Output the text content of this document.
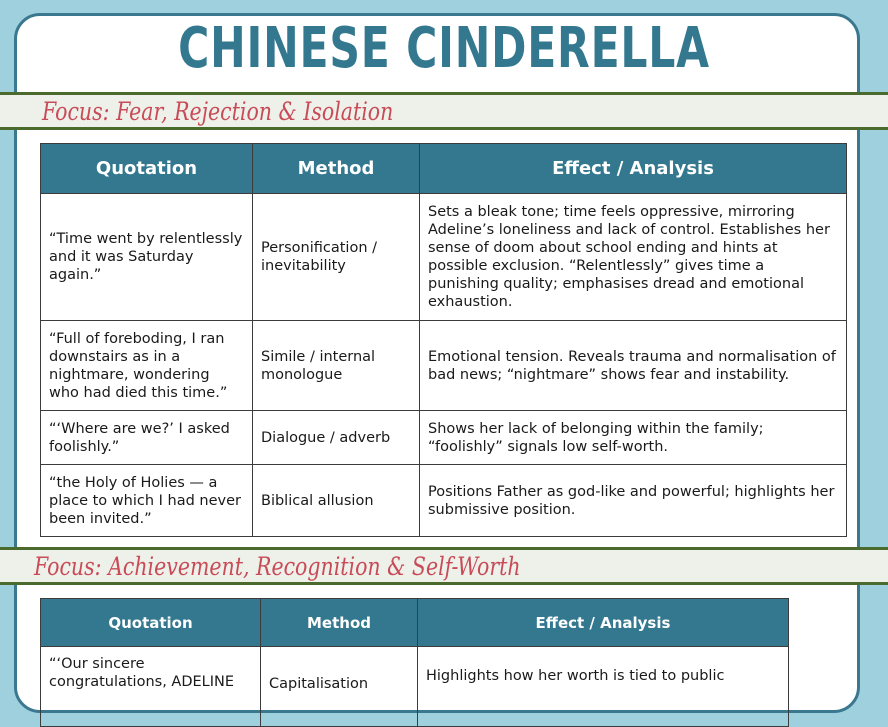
CHINESE CINDERELLA
Focus: Fear, Rejection & Isolation
Quotation	Method	Effect / Analysis
“Time went by relentlessly and it was Saturday again.”	Personification / inevitability	Sets a bleak tone; time feels oppressive, mirroring Adeline’s loneliness and lack of control. Establishes her sense of doom about school ending and hints at possible exclusion. “Relentlessly” gives time a punishing quality; emphasises dread and emotional exhaustion.
“Full of foreboding, I ran downstairs as in a nightmare, wondering who had died this time.”	Simile / internal monologue	Emotional tension. Reveals trauma and normalisation of bad news; “nightmare” shows fear and instability.
“‘Where are we?’ I asked foolishly.”	Dialogue / adverb	Shows her lack of belonging within the family; “foolishly” signals low self-worth.
“the Holy of Holies — a place to which I had never been invited.”	Biblical allusion	Positions Father as god-like and powerful; highlights her submissive position.
Focus: Achievement, Recognition & Self-Worth
Quotation	Method	Effect / Analysis
“‘Our sincere congratulations, ADELINE	Capitalisation	Highlights how her worth is tied to public
